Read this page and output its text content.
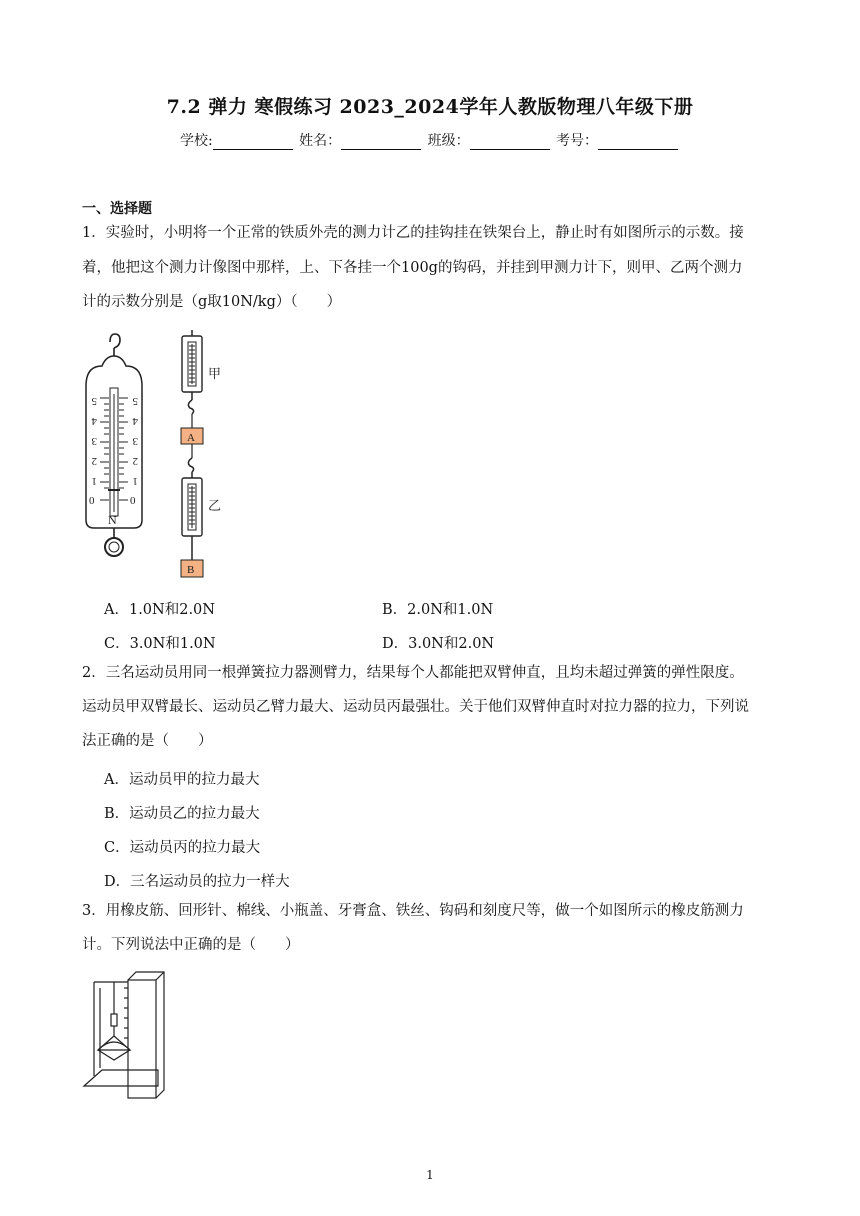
7.2 弹力 寒假练习 2023_2024学年人教版物理八年级下册
学校:	姓名：	班级：	考号：
一、选择题
1．实验时，小明将一个正常的铁质外壳的测力计乙的挂钩挂在铁架台上，静止时有如图所示的示数。接
着，他把这个测力计像图中那样，上、下各挂一个100g的钩码，并挂到甲测力计下，则甲、乙两个测力
计的示数分别是（g取10N/kg）（　　）
5
4
3
2
1
0
5
4
3
2
1
0
N
甲
A
乙
B
A．1.0N和2.0N	B．2.0N和1.0N
C．3.0N和1.0N	D．3.0N和2.0N
2．三名运动员用同一根弹簧拉力器测臂力，结果每个人都能把双臂伸直，且均未超过弹簧的弹性限度。
运动员甲双臂最长、运动员乙臂力最大、运动员丙最强壮。关于他们双臂伸直时对拉力器的拉力，下列说
法正确的是（　　）
A．运动员甲的拉力最大
B．运动员乙的拉力最大
C．运动员丙的拉力最大
D．三名运动员的拉力一样大
3．用橡皮筋、回形针、棉线、小瓶盖、牙膏盒、铁丝、钩码和刻度尺等，做一个如图所示的橡皮筋测力
计。下列说法中正确的是（　　）
1
